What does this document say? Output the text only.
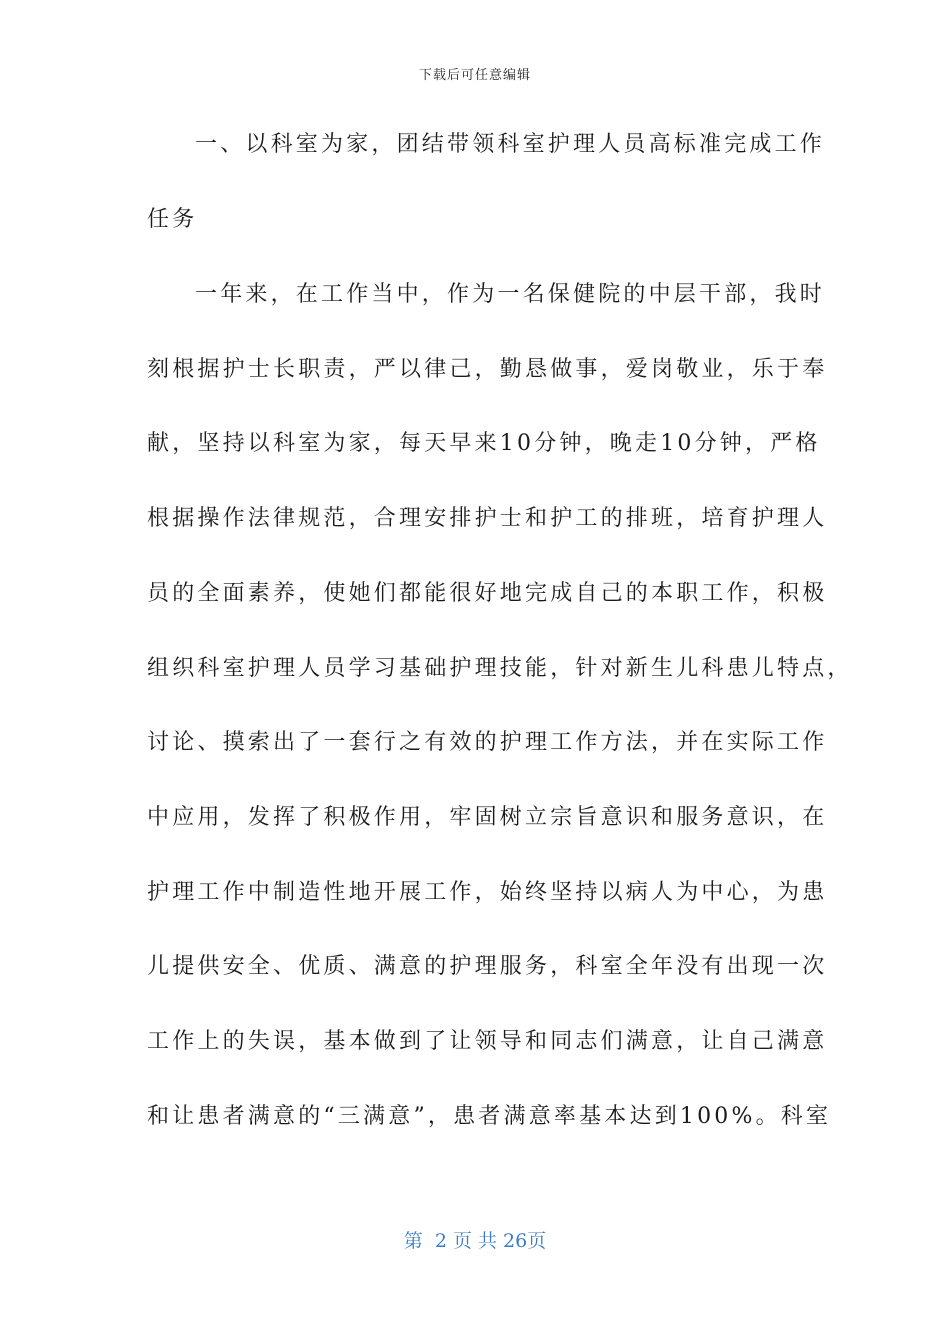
下载后可任意编辑
一、以科室为家，团结带领科室护理人员高标准完成工作
任务
一年来，在工作当中，作为一名保健院的中层干部，我时
刻根据护士长职责，严以律己，勤恳做事，爱岗敬业，乐于奉
献，坚持以科室为家，每天早来10分钟，晚走10分钟，严格
根据操作法律规范，合理安排护士和护工的排班，培育护理人
员的全面素养，使她们都能很好地完成自己的本职工作，积极
组织科室护理人员学习基础护理技能，针对新生儿科患儿特点，
讨论、摸索出了一套行之有效的护理工作方法，并在实际工作
中应用，发挥了积极作用，牢固树立宗旨意识和服务意识，在
护理工作中制造性地开展工作，始终坚持以病人为中心，为患
儿提供安全、优质、满意的护理服务，科室全年没有出现一次
工作上的失误，基本做到了让领导和同志们满意，让自己满意
和让患者满意的“三满意”，患者满意率基本达到100%。科室
第  2 页 共 26页
